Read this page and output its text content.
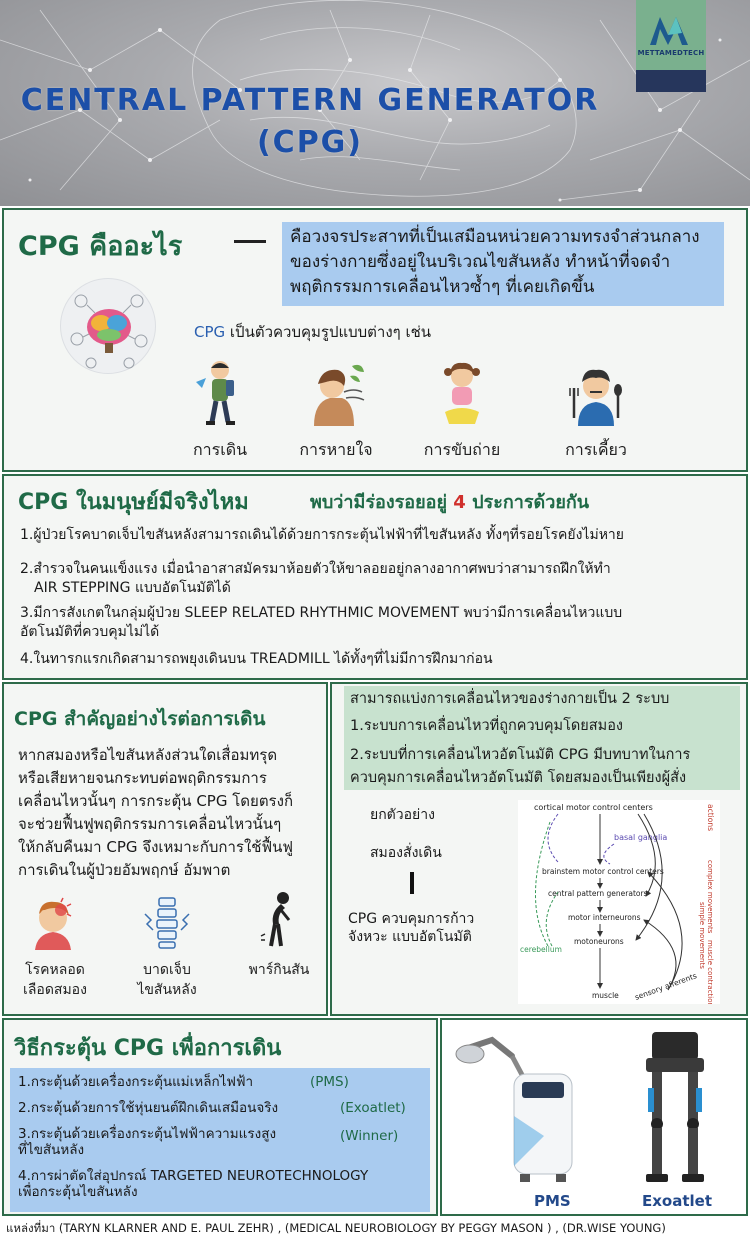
CENTRAL PATTERN GENERATOR
(CPG)
METTAMEDTECH
CPG คืออะไร	คือวงจรประสาทที่เป็นเสมือนหน่วยความทรงจำส่วนกลางของร่างกายซึ่งอยู่ในบริเวณไขสันหลัง ทำหน้าที่จดจำพฤติกรรมการเคลื่อนไหวซ้ำๆ ที่เคยเกิดขึ้น
CPG เป็นตัวควบคุมรูปแบบต่างๆ เช่น
การเดิน	การหายใจ	การขับถ่าย	การเคี้ยว
CPG ในมนุษย์มีจริงไหม	พบว่ามีร่องรอยอยู่ 4 ประการด้วยกัน
1.ผู้ป่วยโรคบาดเจ็บไขสันหลังสามารถเดินได้ด้วยการกระตุ้นไฟฟ้าที่ไขสันหลัง ทั้งๆที่รอยโรคยังไม่หาย
2.สำรวจในคนแข็งแรง เมื่อนำอาสาสมัครมาห้อยตัวให้ขาลอยอยู่กลางอากาศพบว่าสามารถฝึกให้ทำ
AIR STEPPING แบบอัตโนมัติได้
3.มีการสังเกตในกลุ่มผู้ป่วย SLEEP RELATED RHYTHMIC MOVEMENT พบว่ามีการเคลื่อนไหวแบบ
อัตโนมัติที่ควบคุมไม่ได้
4.ในทารกแรกเกิดสามารถพยุงเดินบน TREADMILL ได้ทั้งๆที่ไม่มีการฝึกมาก่อน
CPG สำคัญอย่างไรต่อการเดิน
หากสมองหรือไขสันหลังส่วนใดเสื่อมทรุด
หรือเสียหายจนกระทบต่อพฤติกรรมการ
เคลื่อนไหวนั้นๆ การกระตุ้น CPG โดยตรงก็
จะช่วยฟื้นฟูพฤติกรรมการเคลื่อนไหวนั้นๆ
ให้กลับคืนมา CPG จึงเหมาะกับการใช้ฟื้นฟู
การเดินในผู้ป่วยอัมพฤกษ์ อัมพาต
โรคหลอด
เลือดสมอง
บาดเจ็บ
ไขสันหลัง
พาร์กินสัน
สามารถแบ่งการเคลื่อนไหวของร่างกายเป็น 2 ระบบ
1.ระบบการเคลื่อนไหวที่ถูกควบคุมโดยสมอง
2.ระบบที่การเคลื่อนไหวอัตโนมัติ CPG มีบทบาทในการ
ควบคุมการเคลื่อนไหวอัตโนมัติ โดยสมองเป็นเพียงผู้สั่ง
ยกตัวอย่าง
สมองสั่งเดิน
CPG ควบคุมการก้าว
จังหวะ แบบอัตโนมัติ
cortical motor control centers
basal ganglia
brainstem motor control centers
central pattern generators
motor interneurons
motoneurons
cerebellum
muscle sensory afferents
actions
complex movements
simple movements
muscle contractions
วิธีกระตุ้น CPG เพื่อการเดิน
1.กระตุ้นด้วยเครื่องกระตุ้นแม่เหล็กไฟฟ้า	(PMS)
2.กระตุ้นด้วยการใช้หุ่นยนต์ฝึกเดินเสมือนจริง	(Exoatlet)
3.กระตุ้นด้วยเครื่องกระตุ้นไฟฟ้าความแรงสูง
ที่ไขสันหลัง
(Winner)
4.การผ่าตัดใส่อุปกรณ์ TARGETED NEUROTECHNOLOGY
เพื่อกระตุ้นไขสันหลัง	PMS	Exoatlet
แหล่งที่มา (TARYN KLARNER AND E. PAUL ZEHR) , (MEDICAL NEUROBIOLOGY BY PEGGY MASON ) , (DR.WISE YOUNG)
